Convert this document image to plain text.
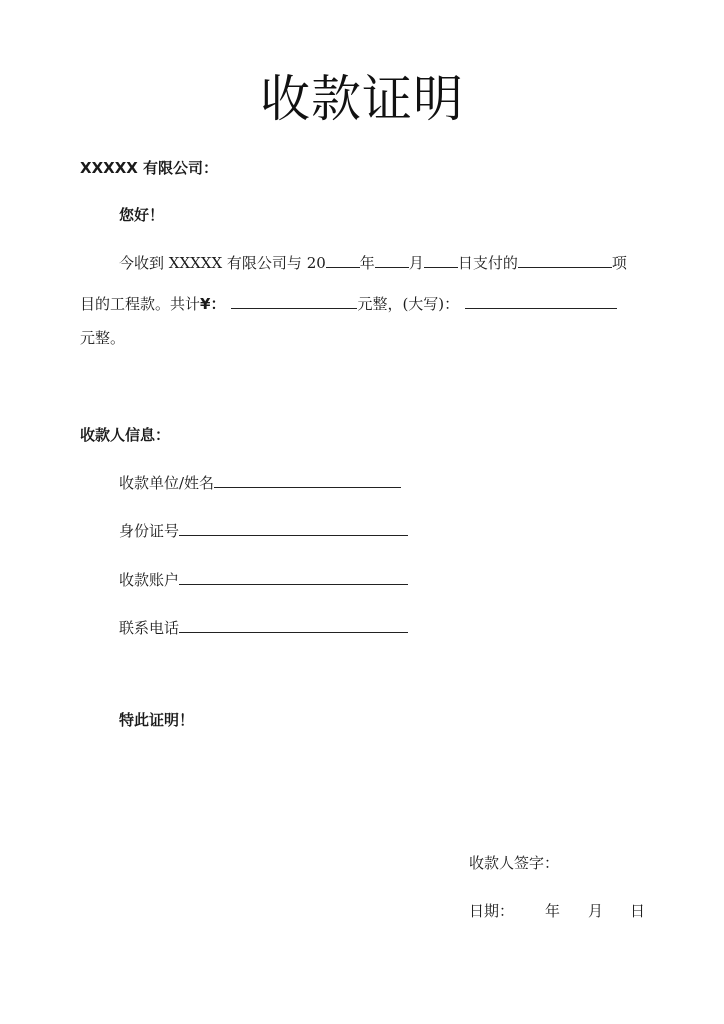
收款证明
XXXXX 有限公司：
您好！
今收到 XXXXX 有限公司与 20 年 月 日支付的	项
目的工程款。共计¥：	元整，(大写)：
元整。
收款人信息：
收款单位/姓名
身份证号
收款账户
联系电话
特此证明！
收款人签字：
日期： 年 月 日
